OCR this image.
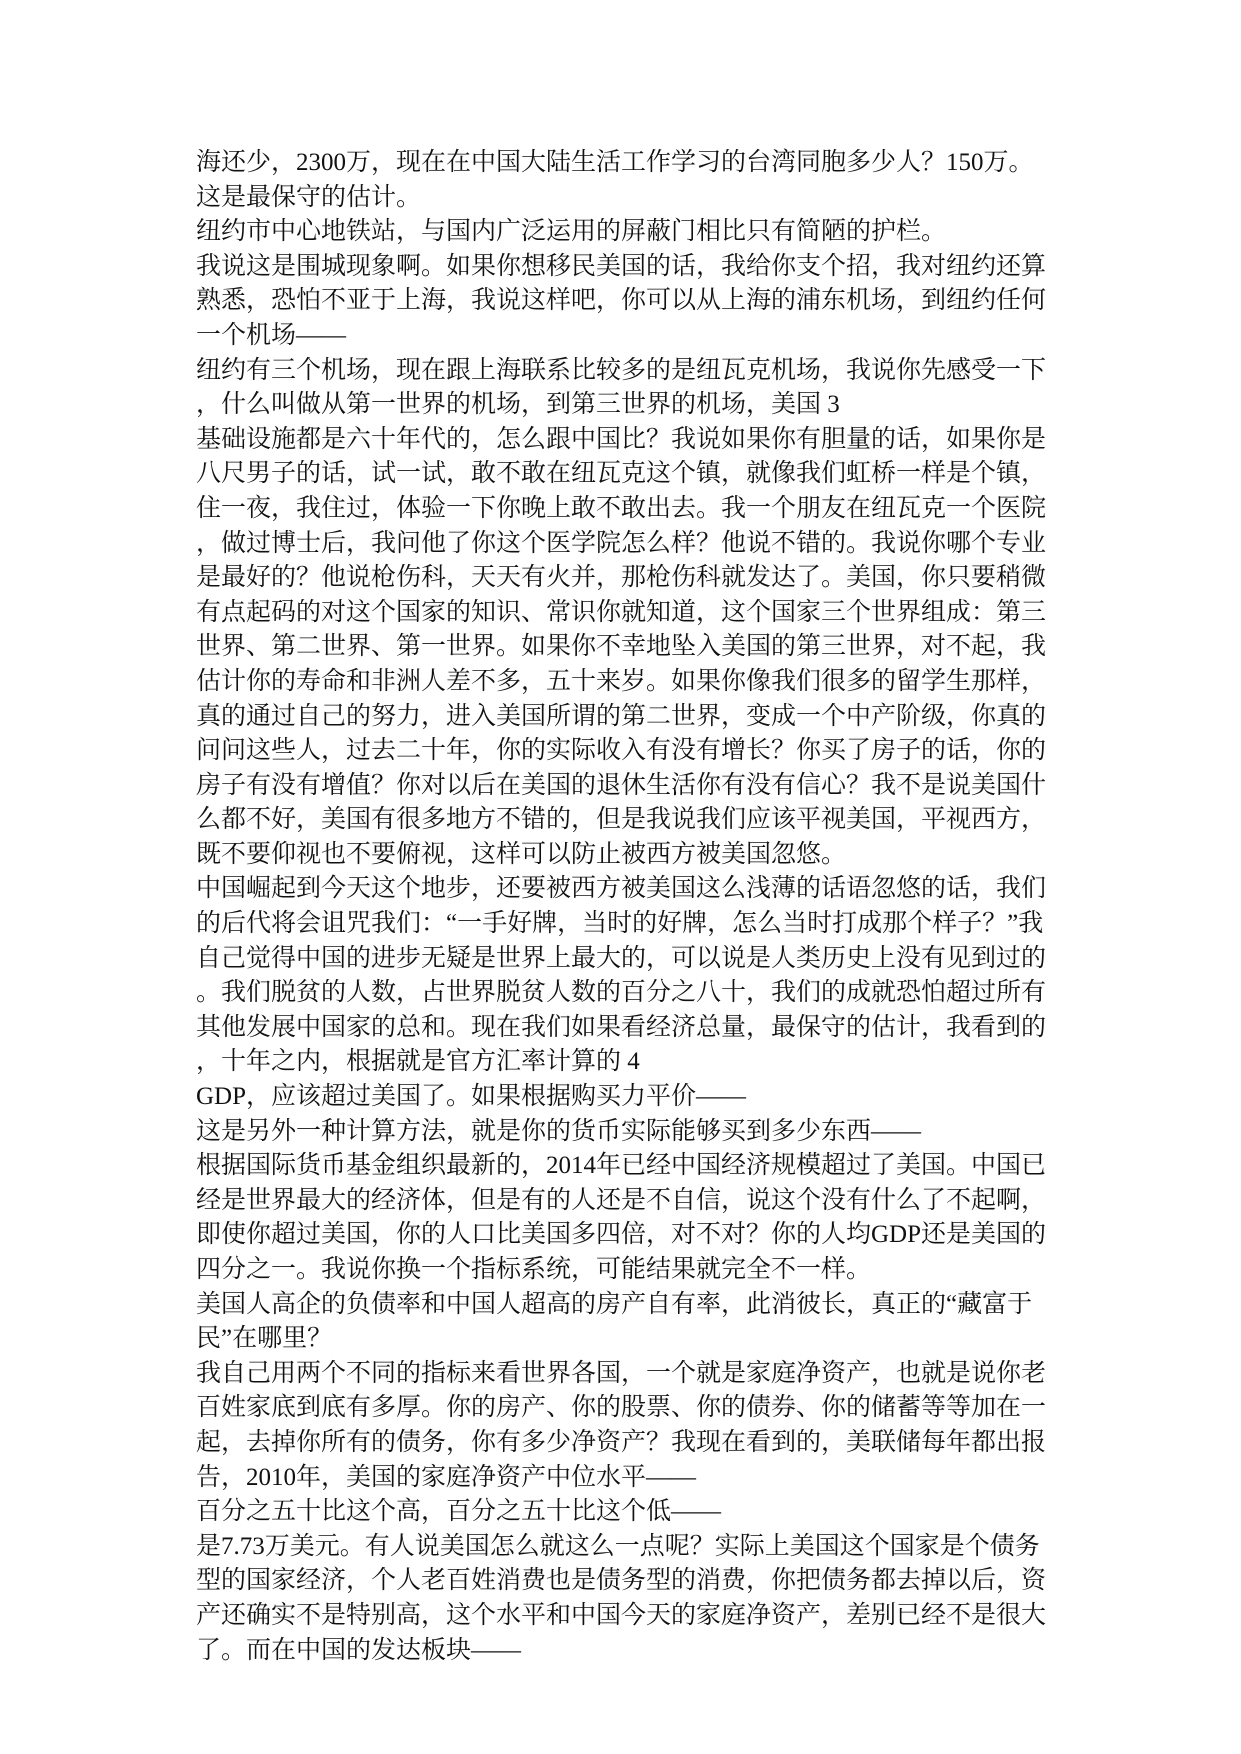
海还少，2300万，现在在中国大陆生活工作学习的台湾同胞多少人？150万。
这是最保守的估计。
纽约市中心地铁站，与国内广泛运用的屏蔽门相比只有简陋的护栏。
我说这是围城现象啊。如果你想移民美国的话，我给你支个招，我对纽约还算
熟悉，恐怕不亚于上海，我说这样吧，你可以从上海的浦东机场，到纽约任何
一个机场——
纽约有三个机场，现在跟上海联系比较多的是纽瓦克机场，我说你先感受一下
，什么叫做从第一世界的机场，到第三世界的机场，美国 3
基础设施都是六十年代的，怎么跟中国比？我说如果你有胆量的话，如果你是
八尺男子的话，试一试，敢不敢在纽瓦克这个镇，就像我们虹桥一样是个镇，
住一夜，我住过，体验一下你晚上敢不敢出去。我一个朋友在纽瓦克一个医院
，做过博士后，我问他了你这个医学院怎么样？他说不错的。我说你哪个专业
是最好的？他说枪伤科，天天有火并，那枪伤科就发达了。美国，你只要稍微
有点起码的对这个国家的知识、常识你就知道，这个国家三个世界组成：第三
世界、第二世界、第一世界。如果你不幸地坠入美国的第三世界，对不起，我
估计你的寿命和非洲人差不多，五十来岁。如果你像我们很多的留学生那样，
真的通过自己的努力，进入美国所谓的第二世界，变成一个中产阶级，你真的
问问这些人，过去二十年，你的实际收入有没有增长？你买了房子的话，你的
房子有没有增值？你对以后在美国的退休生活你有没有信心？我不是说美国什
么都不好，美国有很多地方不错的，但是我说我们应该平视美国，平视西方，
既不要仰视也不要俯视，这样可以防止被西方被美国忽悠。
中国崛起到今天这个地步，还要被西方被美国这么浅薄的话语忽悠的话，我们
的后代将会诅咒我们：“一手好牌，当时的好牌，怎么当时打成那个样子？”我
自己觉得中国的进步无疑是世界上最大的，可以说是人类历史上没有见到过的
。我们脱贫的人数，占世界脱贫人数的百分之八十，我们的成就恐怕超过所有
其他发展中国家的总和。现在我们如果看经济总量，最保守的估计，我看到的
，十年之内，根据就是官方汇率计算的 4
GDP，应该超过美国了。如果根据购买力平价——
这是另外一种计算方法，就是你的货币实际能够买到多少东西——
根据国际货币基金组织最新的，2014年已经中国经济规模超过了美国。中国已
经是世界最大的经济体，但是有的人还是不自信，说这个没有什么了不起啊，
即使你超过美国，你的人口比美国多四倍，对不对？你的人均GDP还是美国的
四分之一。我说你换一个指标系统，可能结果就完全不一样。
美国人高企的负债率和中国人超高的房产自有率，此消彼长，真正的“藏富于
民”在哪里？
我自己用两个不同的指标来看世界各国，一个就是家庭净资产，也就是说你老
百姓家底到底有多厚。你的房产、你的股票、你的债券、你的储蓄等等加在一
起，去掉你所有的债务，你有多少净资产？我现在看到的，美联储每年都出报
告，2010年，美国的家庭净资产中位水平——
百分之五十比这个高，百分之五十比这个低——
是7.73万美元。有人说美国怎么就这么一点呢？实际上美国这个国家是个债务
型的国家经济，个人老百姓消费也是债务型的消费，你把债务都去掉以后，资
产还确实不是特别高，这个水平和中国今天的家庭净资产，差别已经不是很大
了。而在中国的发达板块——
